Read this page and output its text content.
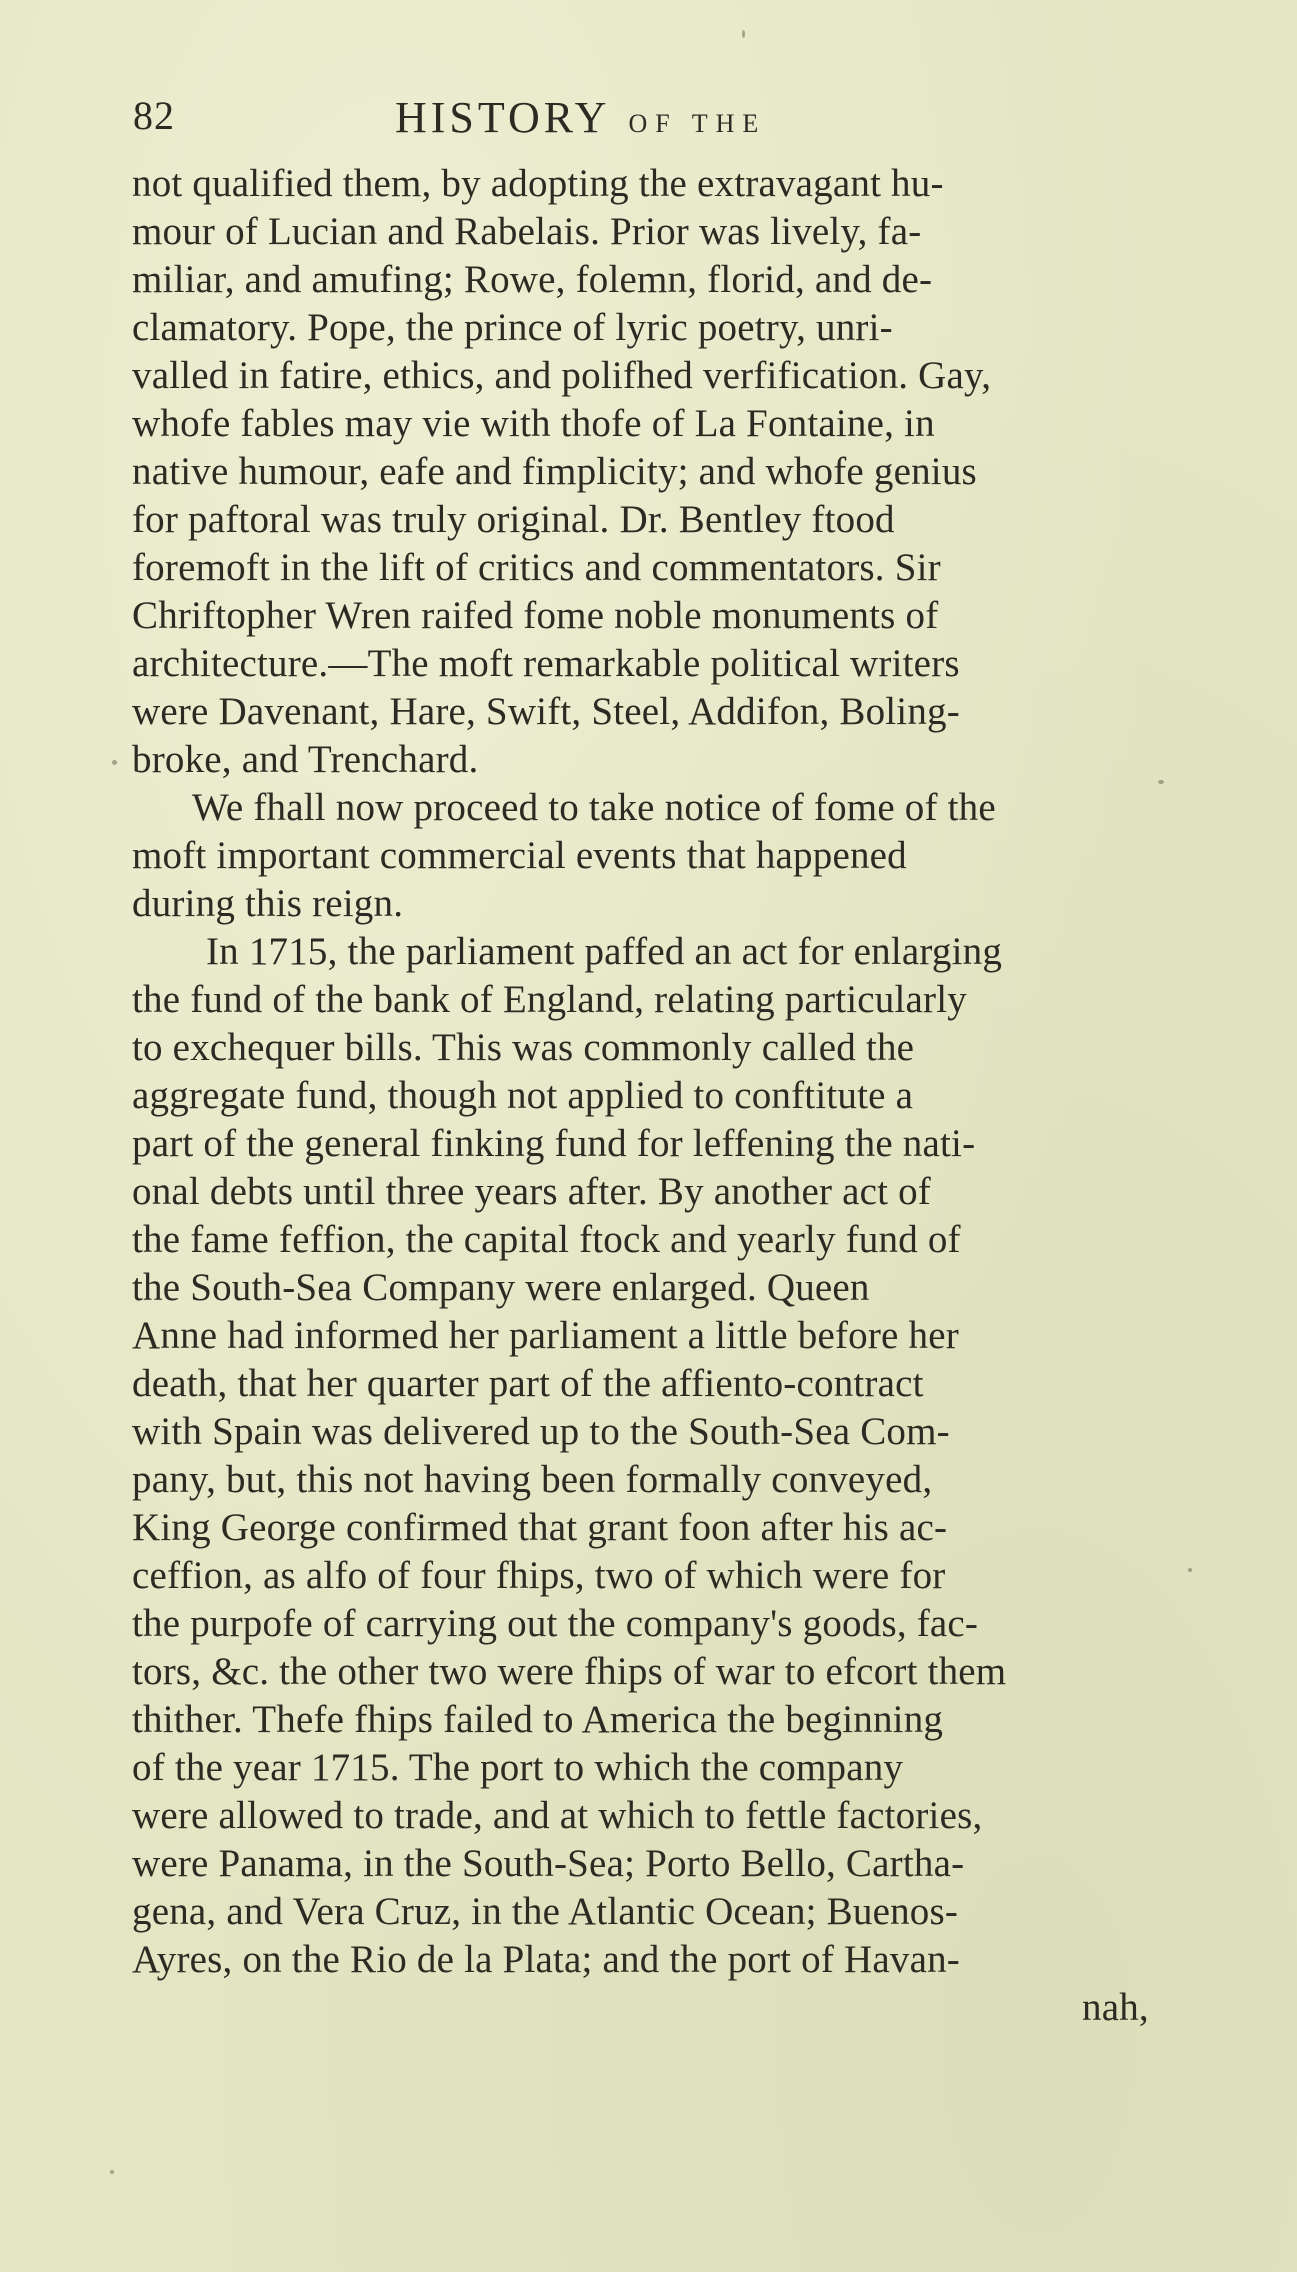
82	HISTORY OF THE
not qualified them, by adopting the extravagant hu-
mour of Lucian and Rabelais. Prior was lively, fa-
miliar, and amufing; Rowe, folemn, florid, and de-
clamatory. Pope, the prince of lyric poetry, unri-
valled in fatire, ethics, and polifhed verfification. Gay,
whofe fables may vie with thofe of La Fontaine, in
native humour, eafe and fimplicity; and whofe genius
for paftoral was truly original. Dr. Bentley ftood
foremoft in the lift of critics and commentators. Sir
Chriftopher Wren raifed fome noble monuments of
architecture.—The moft remarkable political writers
were Davenant, Hare, Swift, Steel, Addifon, Boling-
broke, and Trenchard.
We fhall now proceed to take notice of fome of the
moft important commercial events that happened
during this reign.
In 1715, the parliament paffed an act for enlarging
the fund of the bank of England, relating particularly
to exchequer bills. This was commonly called the
aggregate fund, though not applied to conftitute a
part of the general finking fund for leffening the nati-
onal debts until three years after. By another act of
the fame feffion, the capital ftock and yearly fund of
the South-Sea Company were enlarged. Queen
Anne had informed her parliament a little before her
death, that her quarter part of the affiento-contract
with Spain was delivered up to the South-Sea Com-
pany, but, this not having been formally conveyed,
King George confirmed that grant foon after his ac-
ceffion, as alfo of four fhips, two of which were for
the purpofe of carrying out the company's goods, fac-
tors, &c. the other two were fhips of war to efcort them
thither. Thefe fhips failed to America the beginning
of the year 1715. The port to which the company
were allowed to trade, and at which to fettle factories,
were Panama, in the South-Sea; Porto Bello, Cartha-
gena, and Vera Cruz, in the Atlantic Ocean; Buenos-
Ayres, on the Rio de la Plata; and the port of Havan-
nah,
